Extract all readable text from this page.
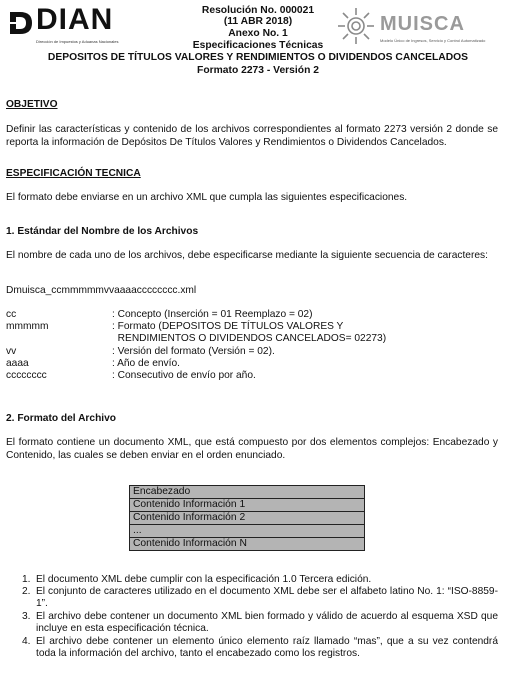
DIAN
Dirección de Impuestos y Aduanas Nacionales
MUISCA
Modelo Único de Ingresos, Servicio y Control Automatizado
Resolución No. 000021
(11 ABR 2018)
Anexo No. 1
Especificaciones Técnicas
DEPOSITOS DE TÍTULOS VALORES Y RENDIMIENTOS O DIVIDENDOS CANCELADOS
Formato 2273 - Versión 2
OBJETIVO
Definir las características y contenido de los archivos correspondientes al formato 2273 versión 2 donde se reporta la información de Depósitos De Títulos Valores y Rendimientos o Dividendos Cancelados.
ESPECIFICACIÓN TECNICA
El formato debe enviarse en un archivo XML que cumpla las siguientes especificaciones.
1. Estándar del Nombre de los Archivos
El nombre de cada uno de los archivos, debe especificarse mediante la siguiente secuencia de caracteres:
Dmuisca_ccmmmmmvvaaaacccccccc.xml
cc	: Concepto (Inserción = 01 Reemplazo = 02)
mmmmm	: Formato (DEPOSITOS DE TÍTULOS VALORES Y
RENDIMIENTOS O DIVIDENDOS CANCELADOS= 02273)
vv	: Versión del formato (Versión = 02).
aaaa	: Año de envío.
cccccccc	: Consecutivo de envío por año.
2. Formato del Archivo
El formato contiene un documento XML, que está compuesto por dos elementos complejos: Encabezado y Contenido, las cuales se deben enviar en el orden enunciado.
Encabezado
Contenido Información 1
Contenido Información 2
...
Contenido Información N
1. El documento XML debe cumplir con la especificación 1.0 Tercera edición.
2. El conjunto de caracteres utilizado en el documento XML debe ser el alfabeto latino No. 1: “ISO-8859-1”.
3. El archivo debe contener un documento XML bien formado y válido de acuerdo al esquema XSD que incluye en esta especificación técnica.
4. El archivo debe contener un elemento único elemento raíz llamado “mas”, que a su vez contendrá toda la información del archivo, tanto el encabezado como los registros.
